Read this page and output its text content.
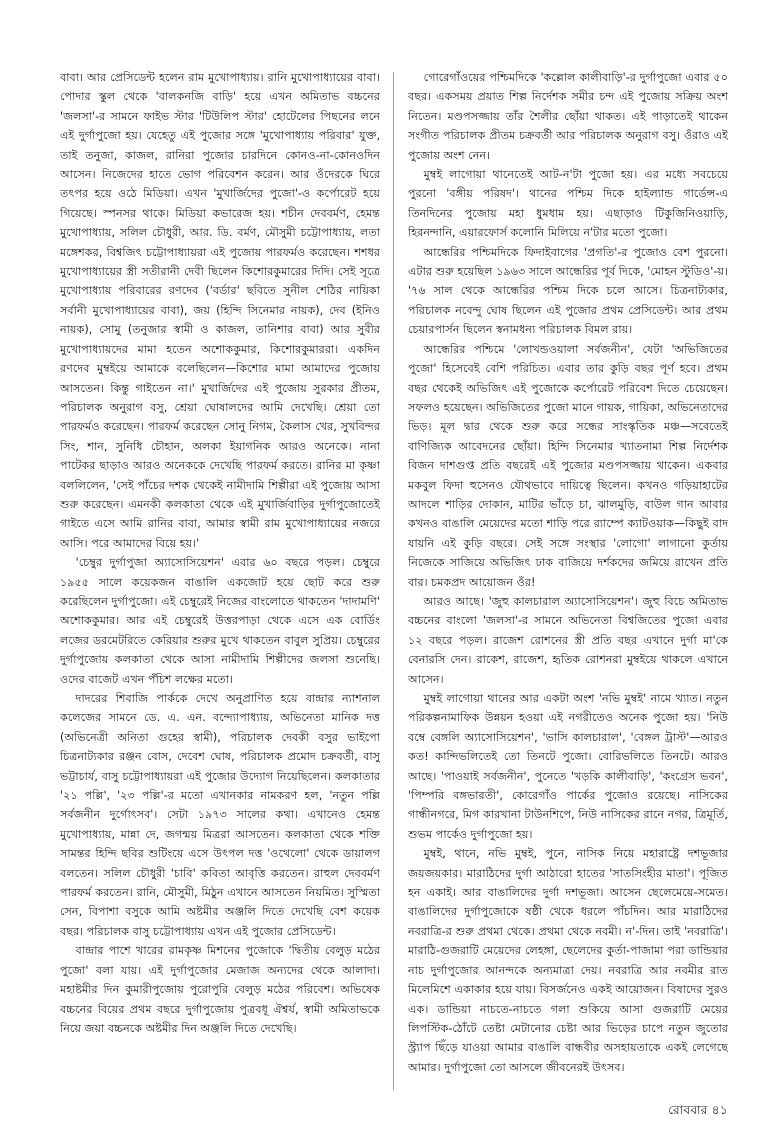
বাবা। আর প্রেসিডেন্ট হলেন রাম মুখোপাধ্যায়। রানি মুখোপাধ্যায়ের বাবা। পোদার স্কুল থেকে 'বালকনজি বাড়ি' হয়ে এখন অমিতাভ বচ্চনের 'জলসা'-র সামনে ফাইভ স্টার 'টিউলিপ স্টার' হোটেলের পিছনের লনে এই দুর্গাপুজো হয়। যেহেতু এই পুজোর সঙ্গে 'মুখোপাধ্যায় পরিবার' যুক্ত, তাই তনুজা, কাজল, রানিরা পুজোর চারদিনে কোনও-না-কোনওদিন আসেন। নিজেদের হাতে ভোগ পরিবেশন করেন। আর ওঁদেরকে ঘিরে তৎপর হয়ে ওঠে মিডিয়া। এখন 'মুখার্জিদের পুজো'-ও কর্পোরেট হয়ে গিয়েছে। স্পনসর থাকে। মিডিয়া কভারেজ হয়। শচীন দেববর্মণ, হেমন্ত মুখোপাধ্যায়, সলিল চৌধুরী, আর. ডি. বর্মণ, মৌসুমী চট্টোপাধ্যায়, লতা মঙ্গেশকর, বিশ্বজিৎ চট্টোপাধ্যায়রা এই পুজোয় পারফর্মও করেছেন। শশধর মুখোপাধ্যায়ের স্ত্রী সতীরানী দেবী ছিলেন কিশোরকুমারের দিদি। সেই সূত্রে মুখোপাধ্যায় পরিবারের রণদেব ('বর্ডার' ছবিতে সুনীল শেঠির নায়িকা সর্বানী মুখোপাধ্যায়ের বাবা), জয় (হিন্দি সিনেমার নায়ক), দেব (ইনিও নায়ক), সোমু (তনুজার স্বামী ও কাজল, তানিশার বাবা) আর সুবীর মুখোপাধ্যায়দের মামা হতেন অশোককুমার, কিশোরকুমাররা। একদিন রণদেব মুম্বইয়ে আমাকে বলেছিলেন—কিশোর মামা আমাদের পুজোয় আসতেন। কিন্তু গাইতেন না।' মুখার্জিদের এই পুজোয় সুরকার প্রীতম, পরিচালক অনুরাগ বসু, শ্রেয়া ঘোষালদের আমি দেখেছি। শ্রেয়া তো পারফর্মও করেছেন। পারফর্ম করেছেন সোনু নিগম, কৈলাস খের, সুখবিন্দর সিং, শান, সুনিধি চৌহান, অলকা ইয়াগনিক আরও অনেকে। নানা পাটেকর ছাড়াও আরও অনেককে দেখেছি পারফর্ম করতে। রানির মা কৃষ্ণা বললিলেন, 'সেই পাঁচের দশক থেকেই নামীদামি শিল্পীরা এই পুজোয় আসা শুরু করেছেন। এমনকী কলকাতা থেকে এই মুখার্জিবাড়ির দুর্গাপুজোতেই গাইতে এসে আমি রানির বাবা, আমার স্বামী রাম মুখোপাধ্যায়ের নজরে আসি। পরে আমাদের বিয়ে হয়।'

'চেম্বুর দুর্গাপুজা অ্যাসোসিয়েশন' এবার ৬০ বছরে পড়ল। চেম্বুরে ১৯৫৫ সালে কয়েকজন বাঙালি একজোট হয়ে ছোট করে শুরু করেছিলেন দুর্গাপুজো। এই চেম্বুরেই নিজের বাংলোতে থাকতেন 'দাদামণি' অশোককুমার। আর এই চেম্বুরেই উত্তরপাড়া থেকে এসে এক বোর্ডিং লজের ডরমেটরিতে কেরিয়ার শুরুর মুখে থাকতেন বাবুল সুপ্রিয়। চেম্বুরের দুর্গাপুজোয় কলকাতা থেকে আসা নামীদামি শিল্পীদের জলসা শুনেছি। ওদের বাজেট এখন পঁচিশ লক্ষের মতো।

দাদরের শিবাজি পার্ককে দেখে অনুপ্রাণিত হয়ে বান্দ্রার ন্যাশনাল কলেজের সামনে ডে. এ. এন. বন্দ্যোপাধ্যায়, অভিনেতা মানিক দত্ত (অভিনেত্রী অনিতা গুহের স্বামী), পরিচালক দেবকী বসুর ভাইপো চিত্রনাট্যকার রঞ্জন বোস, দেবেশ ঘোষ, পরিচালক প্রমোদ চক্রবর্তী, বাসু ভট্টাচার্য, বাসু চট্টোপাধ্যায়রা এই পুজোর উদ্যোগ নিয়েছিলেন। কলকাতার '২১ পল্লি', '২৩ পল্লি'-র মতো এখানকার নামকরণ হল, 'নতুন পল্লি সর্বজনীন দুর্গোৎসব'। সেটা ১৯৭৩ সালের কথা। এখানেও হেমন্ত মুখোপাধ্যায়, মান্না দে, জগন্ময় মিত্ররা আসতেন। কলকাতা থেকে শক্তি সামন্তর হিন্দি ছবির শুটিংয়ে এসে উৎপল দত্ত 'ওথেলো' থেকে ডায়ালগ বলতেন। সলিল চৌধুরী 'চাবি' কবিতা আবৃত্তি করতেন। রাহুল দেববর্মণ পারফর্ম করতেন। রানি, মৌসুমী, মিঠুন এখানে আসতেন নিয়মিত। সুস্মিতা সেন, বিপাশা বসুকে আমি অষ্টমীর অঞ্জলি দিতে দেখেছি বেশ কয়েক বছর। পরিচালক বাসু চট্টোপাধ্যায় এখন এই পুজোর প্রেসিডেন্ট।

বান্দ্রার পাশে খারের রামকৃষ্ণ মিশনের পুজোকে 'দ্বিতীয় বেলুড় মঠের পুজো' বলা যায়। এই দুর্গাপুজোর মেজাজ অন্যদের থেকে আলাদা। মহাষ্টমীর দিন কুমারীপুজোয় পুরোপুরি বেলুড় মঠের পরিবেশ। অভিষেক বচ্চনের বিয়ের প্রথম বছরে দুর্গাপুজোয় পুত্রবধূ ঐশ্বর্য, স্বামী অমিতাভকে নিয়ে জয়া বচ্চনকে অষ্টমীর দিন অঞ্জলি দিতে দেখেছি।

গোরেগাঁওয়ের পশ্চিমদিকে 'কল্লোল কালীবাড়ি'-র দুর্গাপুজো এবার ৫০ বছর। একসময় প্রয়াত শিল্প নির্দেশক সমীর চন্দ এই পুজোয় সক্রিয় অংশ নিতেন। মণ্ডপসজ্জায় তাঁর শৈলীর ছোঁয়া থাকত। এই পাড়াতেই থাকেন সংগীত পরিচালক প্রীতম চক্রবর্তী আর পরিচালক অনুরাগ বসু। ওঁরাও এই পুজোয় অংশ নেন।

মুম্বই লাগোয়া থানেতেই আট-ন'টা পুজো হয়। এর মধ্যে সবচেয়ে পুরনো 'বঙ্গীয় পরিষদ'। থানের পশ্চিম দিকে হাইল্যান্ড গার্ডেন্স-এ তিনদিনের পুজোয় মহা ধুমধাম হয়। এছাড়াও টিকুজিনিওয়াড়ি, হিরনন্দানি, এয়ারফোর্স কলোনি মিলিয়ে ন'টার মতো পুজো।

আন্ধেরির পশ্চিমদিকে ফিদাইবাগের 'প্রগতি'-র পুজোও বেশ পুরনো। এটার শুরু হয়েছিল ১৯৬৩ সালে আন্ধেরির পূর্ব দিকে, 'মোহন স্টুডিও'-য়। '৭৬ সাল থেকে আন্ধেরির পশ্চিম দিকে চলে আসে। চিত্রনাট্যকার, পরিচালক নবেন্দু ঘোষ ছিলেন এই পুজোর প্রথম প্রেসিডেন্ট। আর প্রথম চেয়ারপার্সন ছিলেন স্বনামধন্য পরিচালক বিমল রায়।

আন্ধেরির পশ্চিমে 'লোখন্ডওয়ালা সর্বজনীন', যেটা 'অভিজিতের পুজো' হিসেবেই বেশি পরিচিত। এবার তার কুড়ি বছর পূর্ণ হবে। প্রথম বছর থেকেই অভিজিৎ এই পুজোকে কর্পোরেট পরিবেশ দিতে চেয়েছেন। সফলও হয়েছেন। অভিজিতের পুজো মানে গায়ক, গায়িকা, অভিনেতাদের ভিড়। মূল দ্বার থেকে শুরু করে সন্ধের সাংস্কৃতিক মঞ্চ—সবেতেই বাণিজ্যিক আবেদনের ছোঁয়া। হিন্দি সিনেমার খ্যাতনামা শিল্প নির্দেশক বিজন দাশগুপ্ত প্রতি বছরেই এই পুজোর মণ্ডপসজ্জায় থাকেন। একবার মকবুল ফিদা হুসেনও যৌথভাবে দায়িত্বে ছিলেন। কখনও গড়িয়াহাটের আদলে শাড়ির দোকান, মাটির ভাঁড়ে চা, ঝালমুড়ি, বাউল গান আবার কখনও বাঙালি মেয়েদের মতো শাড়ি পরে র‍্যাম্পে ক্যাটওয়াক—কিছুই বাদ যায়নি এই কুড়ি বছরে। সেই সঙ্গে সংস্থার 'লোগো' লাগানো কুর্তায় নিজেকে সাজিয়ে অভিজিৎ ঢাক বাজিয়ে দর্শকদের জমিয়ে রাখেন প্রতি বার। চমকপ্রদ আয়োজন ওঁর!

আরও আছে। 'জুহু কালচারাল অ্যাসোসিয়েশন'। জুহু বিচে অমিতাভ বচ্চনের বাংলো 'জলসা'-র সামনে অভিনেতা বিশ্বজিতের পুজো এবার ১২ বছরে পড়ল। রাজেশ রোশনের স্ত্রী প্রতি বছর এখানে দুর্গা মা'কে বেনারসি দেন। রাকেশ, রাজেশ, হৃতিক রোশনরা মুম্বইয়ে থাকলে এখানে আসেন।

মুম্বই লাগোয়া থানের আর একটা অংশ 'নভি মুম্বই' নামে খ্যাত। নতুন পরিকল্পনামাফিক উন্নয়ন হওয়া এই নগরীতেও অনেক পুজো হয়। 'নিউ বম্বে বেঙ্গলি অ্যাসোসিয়েশন', 'ভাসি কালচারাল', 'বেঙ্গল ট্রাস্ট'—আরও কত! কান্দিভলিতেই তো তিনটে পুজো। বোরিভলিতে তিনটে। আরও আছে। 'পাওয়াই সর্বজনীন', পুনেতে 'খড়কি কালীবাড়ি', 'কংগ্রেস ভবন', 'পিম্পরি বঙ্গভারতী', কোরেগাঁও পার্কের পুজোও রয়েছে। নাসিকের গান্ধীনগরে, মিগ কারখানা টাউনশিপে, নিউ নাসিকের রানে নগর, ত্রিমূর্তি, শুভম পার্কেও দুর্গাপুজো হয়।

মুম্বই, থানে, নভি মুম্বই, পুনে, নাসিক নিয়ে মহারাষ্ট্রে দশভূজার জয়জয়কার। মারাঠিদের দুর্গা আঠারো হাতের 'সাতসিংহীর মাতা'। পূজিত হন একাই। আর বাঙালিদের দুর্গা দশভূজা। আসেন ছেলেমেয়ে-সমেত। বাঙালিদের দুর্গাপুজোকে ষষ্ঠী থেকে ধরলে পাঁচদিন। আর মারাঠিদের নবরাত্রি-র শুরু প্রথমা থেকে। প্রথমা থেকে নবমী। ন'-দিন। তাই 'নবরাত্রি'। মারাঠি-গুজরাটি মেয়েদের লেহঙ্গা, ছেলেদের কুর্তা-পাজামা পরা ডান্ডিয়ার নাচ দুর্গাপুজোর আনন্দকে অন্যমাত্রা দেয়। নবরাত্রি আর নবমীর রাত মিলেমিশে একাকার হয়ে যায়। বিসর্জনেও একই আয়োজন। বিষাদের সুরও এক। ডান্ডিয়া নাচতে-নাচতে গলা শুকিয়ে আসা গুজরাটি মেয়ের লিপস্টিক-ঠোঁটে তেষ্টা মেটানোর চেষ্টা আর ভিড়ের চাপে নতুন জুতোর স্ট্র্যাপ ছিঁড়ে যাওয়া আমার বাঙালি বান্ধবীর অসহায়তাকে একই লেগেছে আমার। দুর্গাপুজো তো আসলে জীবনেরই উৎসব।

রোববার ৪১
